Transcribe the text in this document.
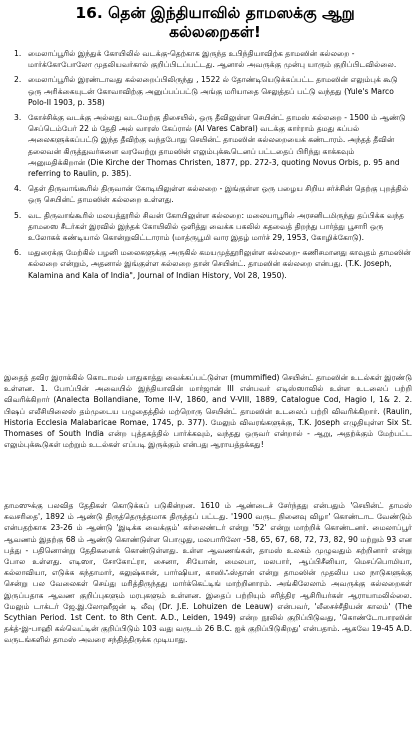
16. தென் இந்தியாவில் தாமஸக்கு ஆறு
கல்லறைகள்!
1. மைலாப்பூரில் இந்துக் கோயிலில் வடக்கு-தெற்காக இருந்த உபிந்தியாவிற்க தாமஸின் கல்லறை - மார்க்கோபோலோ முதலியவர்கால் குறிப்பிடப்பட்டது. ஆனால் அவருக்கு முன்பு யாரும் குறிப்பிடவில்லை.
2. மைலாப்பூரில் இரண்டாவது கல்லறைப்பிலிருந்து , 1522 ல் தோண்டியெடுக்கப்பட்ட தாமஸின் எலும்புக் கூடு ஒரு அரிக்கையுடன் கோவாவிற்கு அனுப்பப்பட்டு அங்கு மரியாதை செலுத்தப் பட்டு வந்தது (Yule's Marco Polo-II 1903, p. 358)
3. கோச்சிக்கு வடக்கு அல்லது வடமேற்கு திசையில், ஒரு தீவிலுள்ள செயின்ட் தாமஸ் கல்லறை - 1500 ம் ஆண்டு செப்டெம்பேர் 22 ம் தேதி அல் வாரஸ் கேப்ரால் (Al Vares Cabral) வடக்கு கார்ராம் தமது கப்பல் அலைகளுக்கப்பட்டு இந்த தீவிற்கு வந்தபோது செயின்ட் தாமஸின் கல்லறையைக் கண்டாரம். அந்தத் தீவின் தலைவன் கிருத்துவர்களை வரவேற்று தாமஸின் எலும்புக்கூடெனப் பட்டதைப் பிரிந்து காக்கவும் அனுமதிக்கிறான் (Die Kirche der Thomas Christen, 1877, pp. 272-3, quoting Novus Orbis, p. 95 and referring to Raulin, p. 385).
4. தெள் திருவாங்கூரில் திருவான் கோடியிலுள்ள கல்லறை - இங்குள்ள ஒரு பழைய சிறிய சர்ச்சின் தெற்கு புறத்தில் ஒரு செயின்ட் தாமஸின் கல்லறை உள்ளது.
5. வட திருவாங்கூரில் மலயத்தூரில் சிவன் கோயிலுள்ள கல்லறை: மலையாபூரில் அரசனிடமிருந்து தப்பிக்க வந்த தாமஸை சீடர்கள் இரவில் இந்தக் கோயிலில் ஒளித்து வைக்க பகலில் கதவைத் திறந்து பார்த்து பூசாரி ஒரு உலோகக் கண்டியால் கொன்றுவிட்டாராம் (மாத்ருபூமி வார இதழ் மார்ச் 29, 1953, கோழிக்கோடு).
6. மதுரைக்கு மேற்கில் பழனி மலைகளுக்கு அருகில் கமயமுத்தூரிலுள்ள கல்லறை- கணிசமானது காவுதம் தாமஸின் கல்லறை என்றும், அதனால் இங்குள்ள கல்லறை தான் செயின்ட். தாமஸின் கல்லறை என்பது. (T.K. Joseph, Kalamina and Kala of India", Journal of Indian History, Vol 28, 1950).
இதைத் தவிர இராக்கில் கொடாமல் பாதுகாத்து வைக்கப்பட்டுள்ள (mummified) செயின்ட் தாமஸின் உடல்கள் இரண்டு உள்ளன. 1. போப்பின் அவையில் இந்தியாவின் மார்ஜான் III என்பவர் எடிஸ்ஸாவில் உள்ள உடலைப் பற்றி விவரிக்கிறார் (Analecta Bollandiane, Tome II-V, 1860, and V-VIII, 1889, Catalogue Cod, Hagio I, 1& 2. 2. பிஷப் எலீசியிலைஸ் தம்முடைய பழுதைத்தில் மற்றொரு செயின்ட் தாமஸின் உடலைப் பற்றி விவரிக்கிறார். (Raulin, Historia Ecclesia Malabaricae Romae, 1745, p. 377). மேலும் விவரங்களுக்கு, T.K. Joseph எழுதியுள்ள Six St. Thomases of South India என்ற புத்தகத்தில் பார்க்கவும், வந்தது ஒருவர் என்றால் - ஆறு, அதற்க்கும் மேற்பட்ட எலும்புக்கூடுகள் மற்றும் உடல்கள் எப்படி இருக்கும் என்பது ஆராயத்தக்கது!
தாமஸுக்கு பலவித தேதிகள் கொடுக்கப் படுகின்றன. 1610 ம் ஆண்டைச் சேர்ந்தது என்பதும் 'செயின்ட் தாமஸ் சுவசரிதை', 1892 ம் ஆண்டு திருத்தெருத்தமாக திருத்தப் பட்டது. '1900 வருட நினைவு விழா' கொண்டாட வேண்டும் என்பதற்காக 23-26 ம் ஆண்டு 'இடிக்க வைக்கும்' கர்லைண்டர் என்று '52' என்று மாற்றிக் கொண்டனர். மைலாப்பூர் ஆவணம் இதற்கு 68 ம் ஆண்டு கொண்டுள்ள பொழுது, மலபாரிலோ -58, 65, 67, 68, 72, 73, 82, 90 மற்றும் 93 என பத்து - பதினொன்று தேதிகளைக் கொண்டுள்ளது. உள்ள ஆவணங்கள், தாமஸ் உலகம் முழுவதும் சுற்றினார் என்று போல உள்ளது. எடிஸா, சோகோட்ரா, சைனா, சியோன், மைலபா, மலபார், ஆப்பிசீனியா, மெசப்பொமியா, கல்லாவியா, எடுக்க கந்தாமார், கலுஷ்கான், பார்ஷியா, காஸிஃஸ்தான் என்று தாமஸின் முதலிய பல நாடுகளுக்கு சென்று பல வேலைகள் செய்து மரித்திருந்தது மார்க்கெட்டிங் மாற்றினாரம். அங்கிலேலாம் அவருக்கு கல்லறைகள் இருப்பதாக ஆவண குறிப்புகளும் மரபுகளும் உள்ளன. இதைப் பற்றியும் சரித்திர ஆசிரியர்கள் ஆராயாமலில்லை. மேலும் டாக்டர் ஜே.இ.லோஹீஜன் டி லீவு (Dr. J.E. Lohuizen de Leauw) என்பவர், 'லீசைச்சீதியன் காலம்' (The Scythian Period. 1st Cent. to 8th Cent. A.D., Leiden, 1949) என்ற நூலில் குறிப்பிடுவது, 'கொண்டோபாரஸின் தக்த்-இ-பாஹி கல்வெட்டின் குறிப்பிடும் 103 வது வருடம் 26 B.C. ஐக் குறிப்பிடுகிறது' என்பதாம். ஆகவே 19-45 A.D. வருடங்களில் தாமஸ் அவரை சந்தித்திருக்க முடியாது.
